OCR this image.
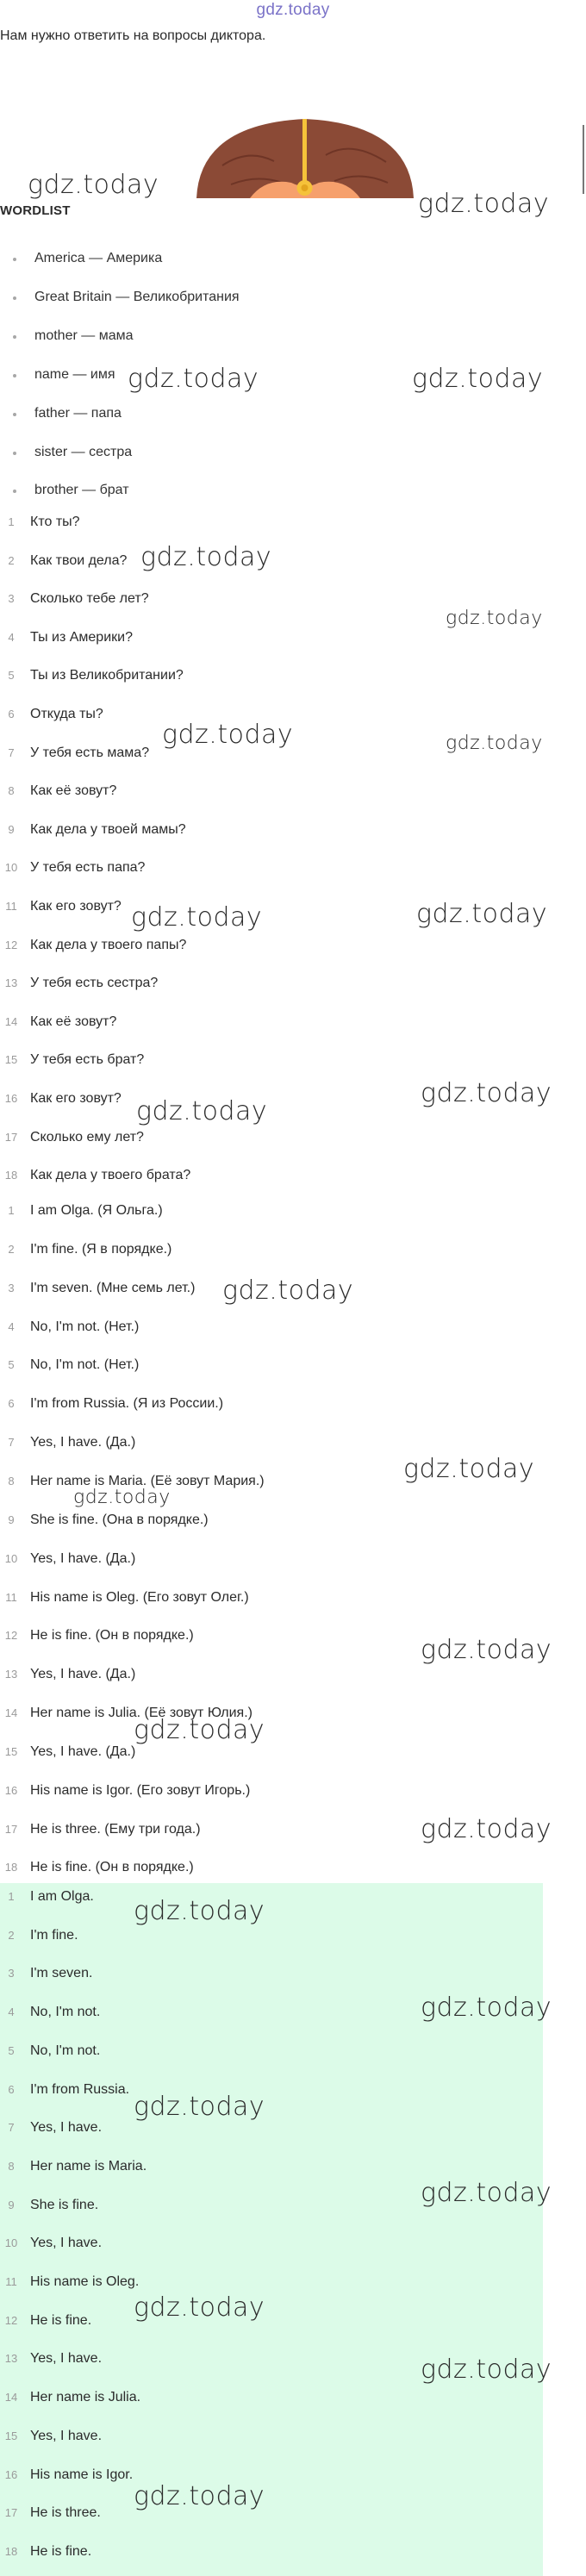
gdz.today
Нам нужно ответить на вопросы диктора.
WORDLIST
America — Америка
Great Britain — Великобритания
mother — мама
name — имя
father — папа
sister — сестра
brother — брат
1	Кто ты?
2	Как твои дела?
3	Сколько тебе лет?
4	Ты из Америки?
5	Ты из Великобритании?
6	Откуда ты?
7	У тебя есть мама?
8	Как её зовут?
9	Как дела у твоей мамы?
10 У тебя есть папа?
11 Как его зовут?
12 Как дела у твоего папы?
13 У тебя есть сестра?
14 Как её зовут?
15 У тебя есть брат?
16 Как его зовут?
17 Сколько ему лет?
18 Как дела у твоего брата?
1	I am Olga. (Я Ольга.)
2	I'm fine. (Я в порядке.)
3	I'm seven. (Мне семь лет.)
4	No, I'm not. (Нет.)
5	No, I'm not. (Нет.)
6	I'm from Russia. (Я из России.)
7	Yes, I have. (Да.)
8	Her name is Maria. (Её зовут Мария.)
9	She is fine. (Она в порядке.)
10 Yes, I have. (Да.)
11 His name is Oleg. (Его зовут Олег.)
12 He is fine. (Он в порядке.)
13 Yes, I have. (Да.)
14 Her name is Julia. (Её зовут Юлия.)
15 Yes, I have. (Да.)
16 His name is Igor. (Его зовут Игорь.)
17 He is three. (Ему три года.)
18 He is fine. (Он в порядке.)
1	I am Olga.
2	I'm fine.
3	I'm seven.
4	No, I'm not.
5	No, I'm not.
6	I'm from Russia.
7	Yes, I have.
8	Her name is Maria.
9	She is fine.
10 Yes, I have.
11 His name is Oleg.
12 He is fine.
13 Yes, I have.
14 Her name is Julia.
15 Yes, I have.
16 His name is Igor.
17 He is three.
18 He is fine.
gdz.today
gdz.today
gdz.today	gdz.today
gdz.today
gdz.today
gdz.today	gdz.today
gdz.today	gdz.today
gdz.today
gdz.today
gdz.today
gdz.today
gdz.today
gdz.today
gdz.today
gdz.today
gdz.today
gdz.today
gdz.today
gdz.today
gdz.today
gdz.today
gdz.today
